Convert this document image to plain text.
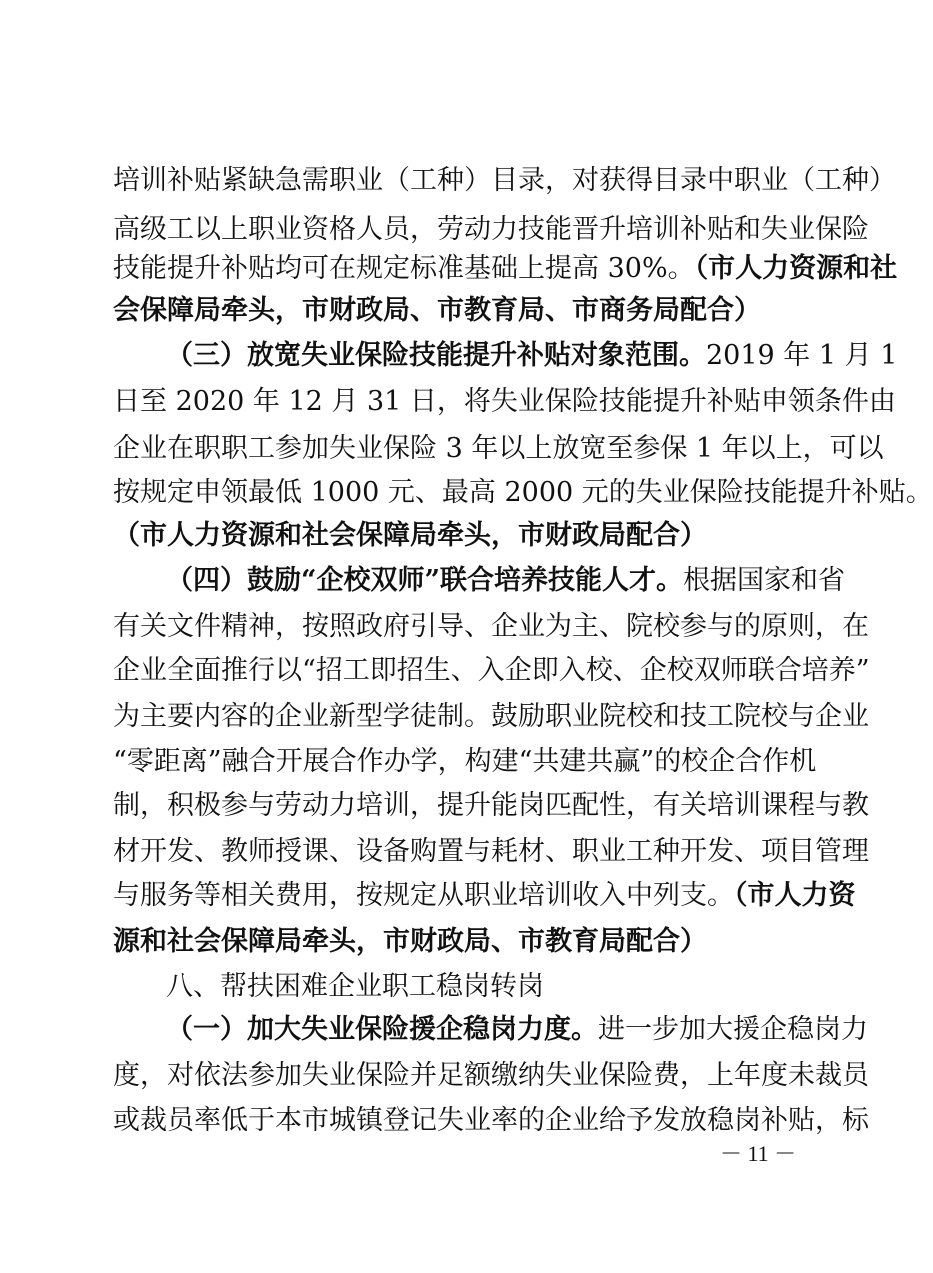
培训补贴紧缺急需职业（工种）目录，对获得目录中职业（工种）
高级工以上职业资格人员，劳动力技能晋升培训补贴和失业保险
技能提升补贴均可在规定标准基础上提高 30%。（市人力资源和社
会保障局牵头，市财政局、市教育局、市商务局配合）
（三）放宽失业保险技能提升补贴对象范围。2019 年 1 月 1
日至 2020 年 12 月 31 日，将失业保险技能提升补贴申领条件由
企业在职职工参加失业保险 3 年以上放宽至参保 1 年以上，可以
按规定申领最低 1000 元、最高 2000 元的失业保险技能提升补贴。
（市人力资源和社会保障局牵头，市财政局配合）
（四）鼓励“企校双师”联合培养技能人才。根据国家和省
有关文件精神，按照政府引导、企业为主、院校参与的原则，在
企业全面推行以“招工即招生、入企即入校、企校双师联合培养”
为主要内容的企业新型学徒制。鼓励职业院校和技工院校与企业
“零距离”融合开展合作办学，构建“共建共赢”的校企合作机
制，积极参与劳动力培训，提升能岗匹配性，有关培训课程与教
材开发、教师授课、设备购置与耗材、职业工种开发、项目管理
与服务等相关费用，按规定从职业培训收入中列支。（市人力资
源和社会保障局牵头，市财政局、市教育局配合）
八、帮扶困难企业职工稳岗转岗
（一）加大失业保险援企稳岗力度。进一步加大援企稳岗力
度，对依法参加失业保险并足额缴纳失业保险费，上年度未裁员
或裁员率低于本市城镇登记失业率的企业给予发放稳岗补贴，标
－ 11 －
